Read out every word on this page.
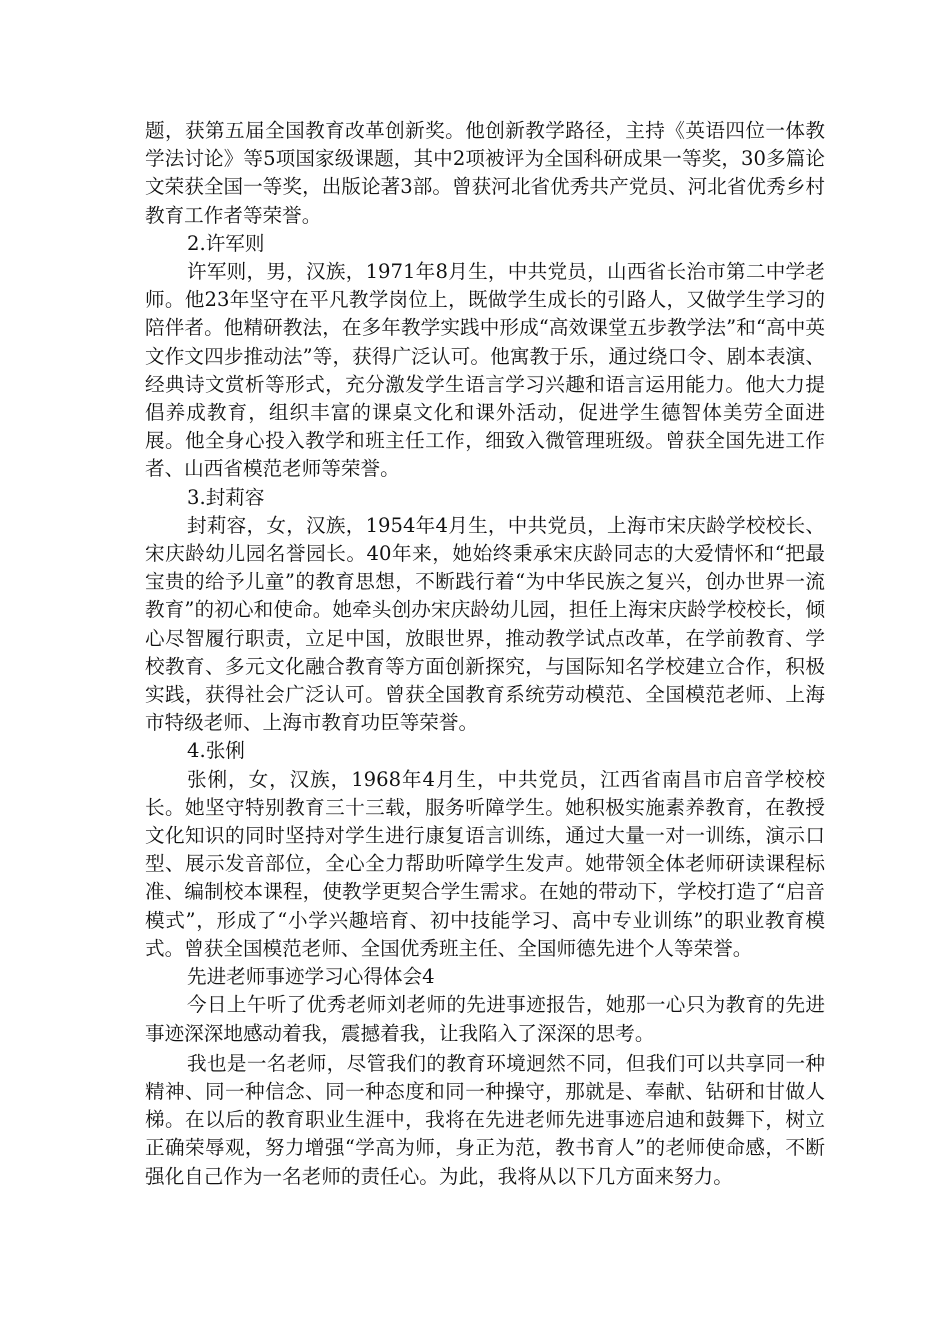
题，获第五届全国教育改革创新奖。他创新教学路径，主持《英语四位一体教学法讨论》等5项国家级课题，其中2项被评为全国科研成果一等奖，30多篇论文荣获全国一等奖，出版论著3部。曾获河北省优秀共产党员、河北省优秀乡村教育工作者等荣誉。

2.许军则

许军则，男，汉族，1971年8月生，中共党员，山西省长治市第二中学老师。他23年坚守在平凡教学岗位上，既做学生成长的引路人，又做学生学习的陪伴者。他精研教法，在多年教学实践中形成“高效课堂五步教学法”和“高中英文作文四步推动法”等，获得广泛认可。他寓教于乐，通过绕口令、剧本表演、经典诗文赏析等形式，充分激发学生语言学习兴趣和语言运用能力。他大力提倡养成教育，组织丰富的课桌文化和课外活动，促进学生德智体美劳全面进展。他全身心投入教学和班主任工作，细致入微管理班级。曾获全国先进工作者、山西省模范老师等荣誉。

3.封莉容

封莉容，女，汉族，1954年4月生，中共党员，上海市宋庆龄学校校长、宋庆龄幼儿园名誉园长。40年来，她始终秉承宋庆龄同志的大爱情怀和“把最宝贵的给予儿童”的教育思想，不断践行着“为中华民族之复兴，创办世界一流教育”的初心和使命。她牵头创办宋庆龄幼儿园，担任上海宋庆龄学校校长，倾心尽智履行职责，立足中国，放眼世界，推动教学试点改革，在学前教育、学校教育、多元文化融合教育等方面创新探究，与国际知名学校建立合作，积极实践，获得社会广泛认可。曾获全国教育系统劳动模范、全国模范老师、上海市特级老师、上海市教育功臣等荣誉。

4.张俐

张俐，女，汉族，1968年4月生，中共党员，江西省南昌市启音学校校长。她坚守特别教育三十三载，服务听障学生。她积极实施素养教育，在教授文化知识的同时坚持对学生进行康复语言训练，通过大量一对一训练，演示口型、展示发音部位，全心全力帮助听障学生发声。她带领全体老师研读课程标准、编制校本课程，使教学更契合学生需求。在她的带动下，学校打造了“启音模式”，形成了“小学兴趣培育、初中技能学习、高中专业训练”的职业教育模式。曾获全国模范老师、全国优秀班主任、全国师德先进个人等荣誉。

先进老师事迹学习心得体会4

今日上午听了优秀老师刘老师的先进事迹报告，她那一心只为教育的先进事迹深深地感动着我，震撼着我，让我陷入了深深的思考。

我也是一名老师，尽管我们的教育环境迥然不同，但我们可以共享同一种精神、同一种信念、同一种态度和同一种操守，那就是、奉献、钻研和甘做人梯。在以后的教育职业生涯中，我将在先进老师先进事迹启迪和鼓舞下，树立正确荣辱观，努力增强“学高为师，身正为范，教书育人”的老师使命感，不断强化自己作为一名老师的责任心。为此，我将从以下几方面来努力。
